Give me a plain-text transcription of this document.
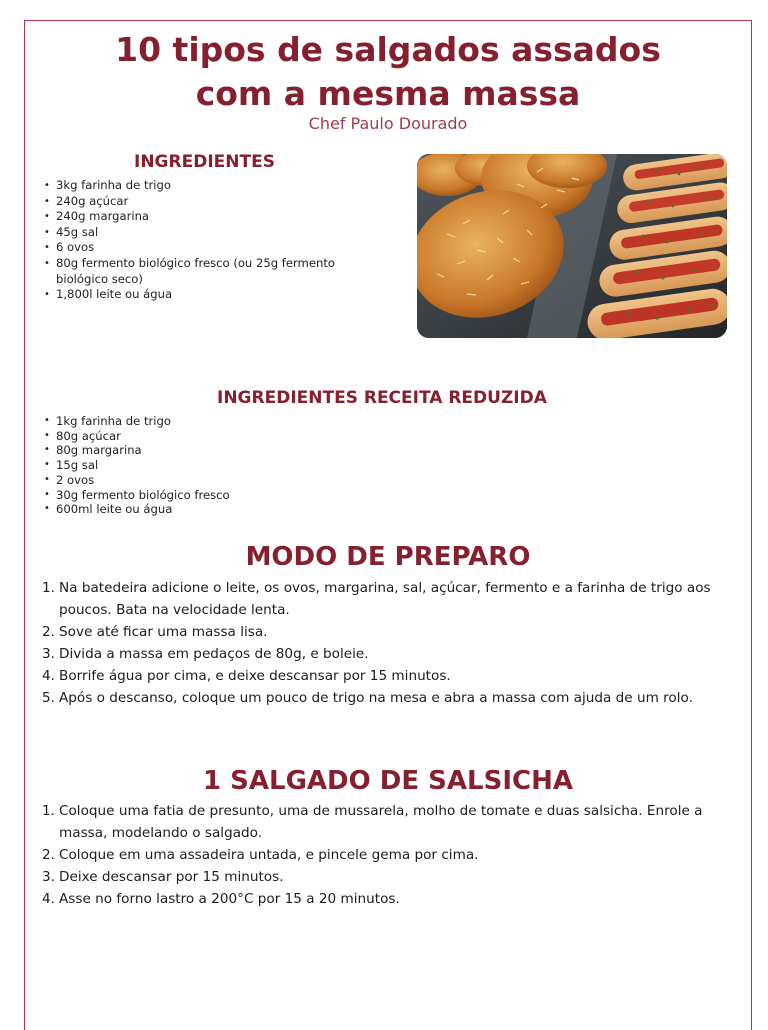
10 tipos de salgados assados
com a mesma massa
Chef Paulo Dourado
INGREDIENTES
• 3kg farinha de trigo
• 240g açúcar
• 240g margarina
• 45g sal
• 6 ovos
• 80g fermento biológico fresco (ou 25g fermento biológico seco)
• 1,800l leite ou água
INGREDIENTES RECEITA REDUZIDA
• 1kg farinha de trigo
• 80g açúcar
• 80g margarina
• 15g sal
• 2 ovos
• 30g fermento biológico fresco
• 600ml leite ou água
MODO DE PREPARO
1. Na batedeira adicione o leite, os ovos, margarina, sal, açúcar, fermento e a farinha de trigo aos poucos. Bata na velocidade lenta.
2. Sove até ficar uma massa lisa.
3. Divida a massa em pedaços de 80g, e boleie.
4. Borrife água por cima, e deixe descansar por 15 minutos.
5. Após o descanso, coloque um pouco de trigo na mesa e abra a massa com ajuda de um rolo.
1 SALGADO DE SALSICHA
1. Coloque uma fatia de presunto, uma de mussarela, molho de tomate e duas salsicha. Enrole a massa, modelando o salgado.
2. Coloque em uma assadeira untada, e pincele gema por cima.
3. Deixe descansar por 15 minutos.
4. Asse no forno lastro a 200°C por 15 a 20 minutos.
